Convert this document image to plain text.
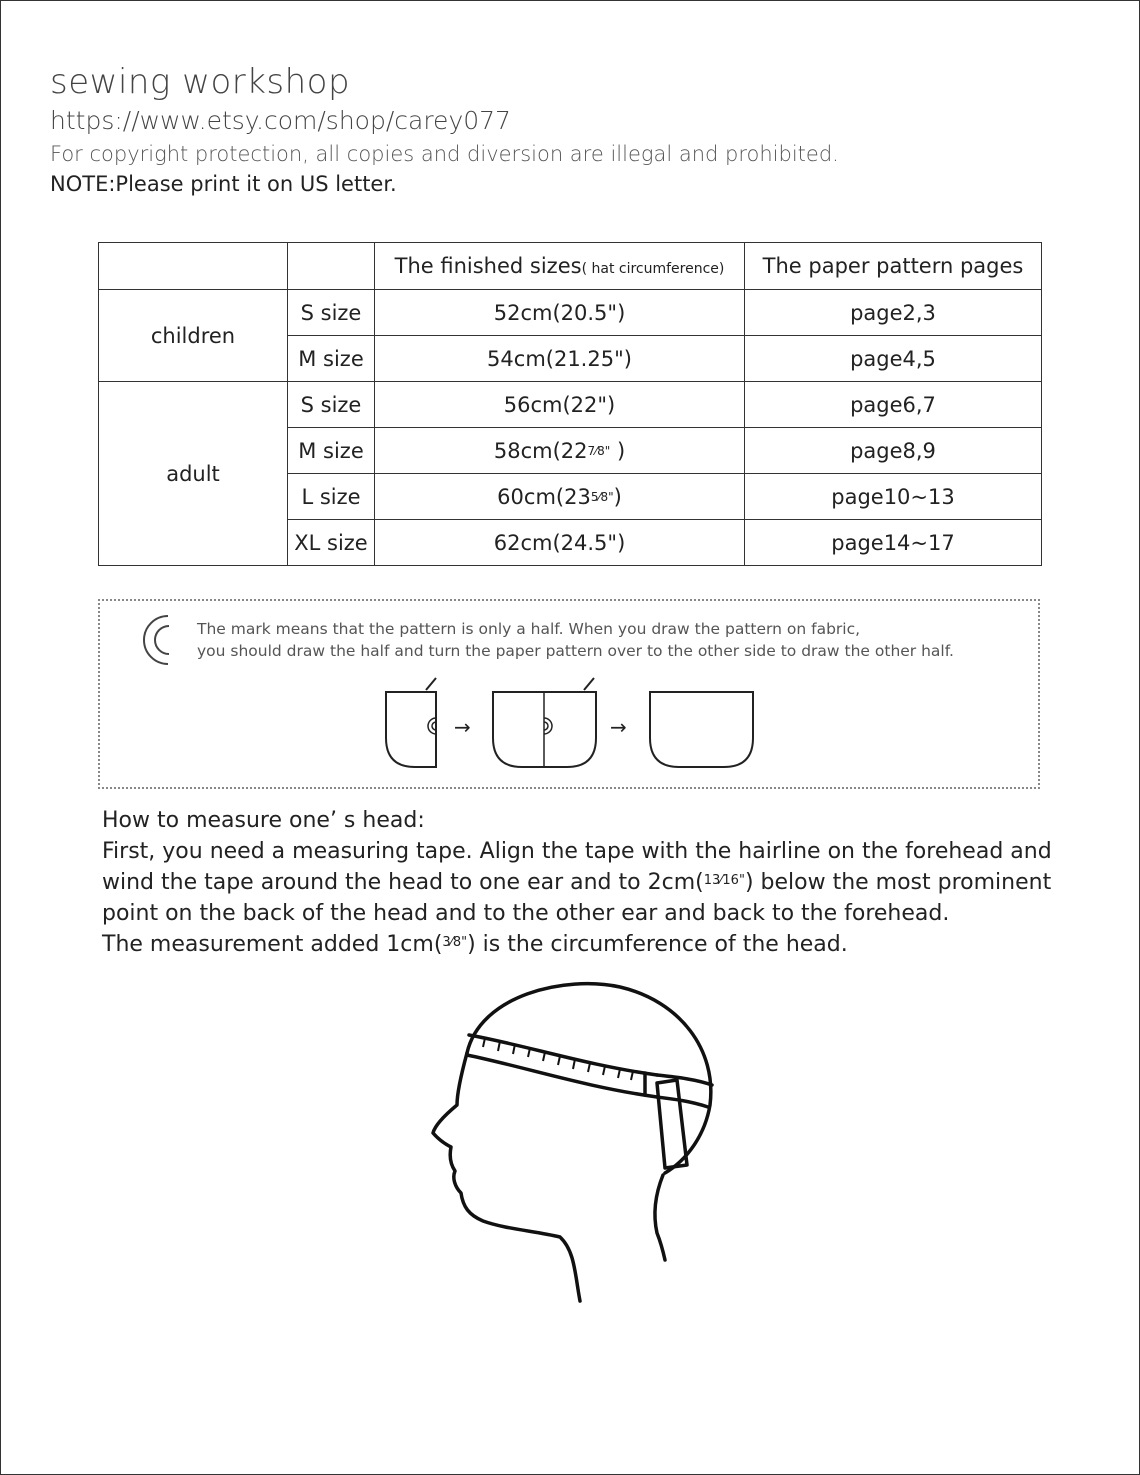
sewing workshop
https://www.etsy.com/shop/carey077
For copyright protection, all copies and diversion are illegal and prohibited.
NOTE:Please print it on US letter.
		The finished sizes( hat circumference)	The paper pattern pages
children	S size	52cm(20.5")	page2,3
	M size	54cm(21.25")	page4,5
adult	S size	56cm(22")	page6,7
	M size	58cm(227⁄8" )	page8,9
	L size	60cm(235⁄8")	page10~13
	XL size	62cm(24.5")	page14~17
The mark means that the pattern is only a half. When you draw the pattern on fabric,
you should draw the half and turn the paper pattern over to the other side to draw the other half.
→	→
How to measure one’ s head:
First, you need a measuring tape. Align the tape with the hairline on the forehead and
wind the tape around the head to one ear and to 2cm($^{13⁄16"}$) below the most prominent
point on the back of the head and to the other ear and back to the forehead.
The measurement added 1cm($^{3⁄8"}$) is the circumference of the head.
